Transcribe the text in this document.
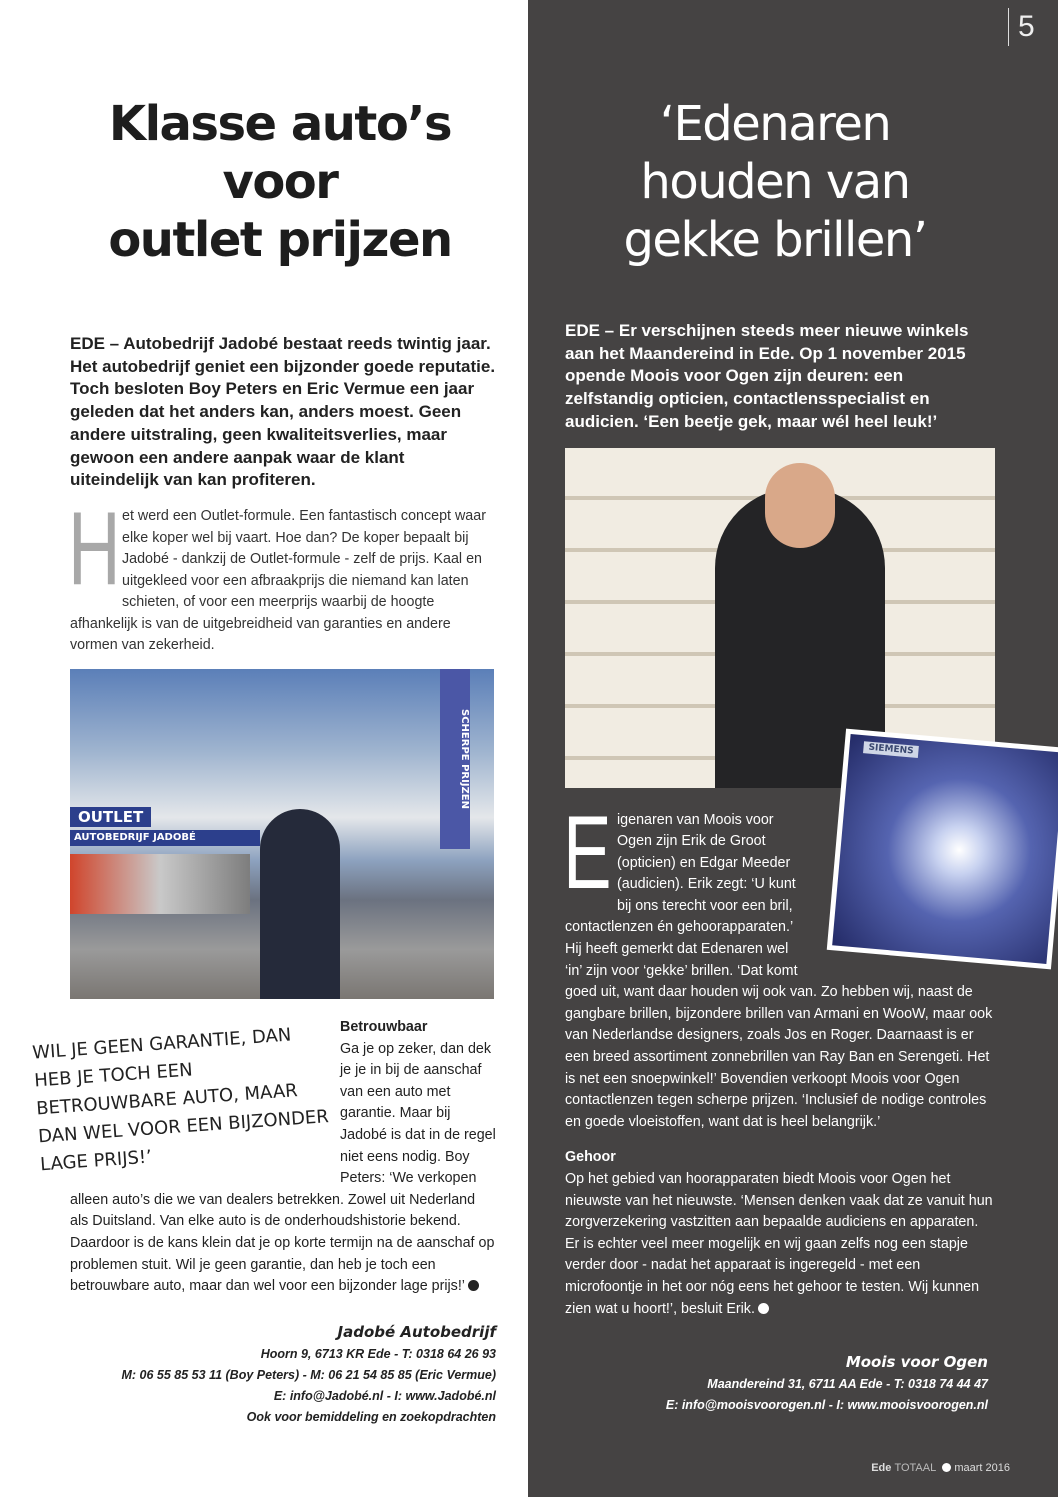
5
Klasse auto’s
voor
outlet prijzen
EDE – Autobedrijf Jadobé bestaat reeds twintig jaar. Het autobedrijf geniet een bijzonder goede reputatie. Toch besloten Boy Peters en Eric Vermue een jaar geleden dat het anders kan, anders moest. Geen andere uitstraling, geen kwaliteitsverlies, maar gewoon een andere aanpak waar de klant uiteindelijk van kan profiteren.
Het werd een Outlet-formule. Een fantastisch concept waar elke koper wel bij vaart. Hoe dan? De koper bepaalt bij Jadobé - dankzij de Outlet-formule - zelf de prijs. Kaal en uitgekleed voor een afbraakprijs die niemand kan laten schieten, of voor een meerprijs waarbij de hoogte afhankelijk is van de uitgebreidheid van garanties en andere vormen van zekerheid.
SCHERPE PRIJZEN
OUTLET
AUTOBEDRIJF JADOBÉ
WIL JE GEEN GARANTIE, DAN HEB JE TOCH EEN BETROUWBARE AUTO, MAAR DAN WEL VOOR EEN BIJZONDER LAGE PRIJS!’
Betrouwbaar
Ga je op zeker, dan dek je je in bij de aanschaf van een auto met garantie. Maar bij Jadobé is dat in de regel niet eens nodig. Boy Peters: ‘We verkopen alleen auto’s die we van dealers betrekken. Zowel uit Nederland als Duitsland. Van elke auto is de onderhoudshistorie bekend. Daardoor is de kans klein dat je op korte termijn na de aanschaf op problemen stuit. Wil je geen garantie, dan heb je toch een betrouwbare auto, maar dan wel voor een bijzonder lage prijs!’
Jadobé Autobedrijf
Hoorn 9, 6713 KR Ede - T: 0318 64 26 93
M: 06 55 85 53 11 (Boy Peters) - M: 06 21 54 85 85 (Eric Vermue)
E: info@Jadobé.nl - I: www.Jadobé.nl
Ook voor bemiddeling en zoekopdrachten
‘Edenaren
houden van
gekke brillen’
EDE – Er verschijnen steeds meer nieuwe winkels aan het Maandereind in Ede. Op 1 november 2015 opende Moois voor Ogen zijn deuren: een zelfstandig opticien, contactlensspecialist en audicien. ‘Een beetje gek, maar wél heel leuk!’
SIEMENS
Eigenaren van Moois voor Ogen zijn Erik de Groot (opticien) en Edgar Meeder (audicien). Erik zegt: ‘U kunt bij ons terecht voor een bril, contactlenzen én gehoorapparaten.’ Hij heeft gemerkt dat Edenaren wel ‘in’ zijn voor ‘gekke’ brillen. ‘Dat komt goed uit, want daar houden wij ook van. Zo hebben wij, naast de gangbare brillen, bijzondere brillen van Armani en WooW, maar ook van Nederlandse designers, zoals Jos en Roger. Daarnaast is er een breed assortiment zonnebrillen van Ray Ban en Serengeti. Het is net een snoepwinkel!’ Bovendien verkoopt Moois voor Ogen contactlenzen tegen scherpe prijzen. ‘Inclusief de nodige controles en goede vloeistoffen, want dat is heel belangrijk.’
Gehoor
Op het gebied van hoorapparaten biedt Moois voor Ogen het nieuwste van het nieuwste. ‘Mensen denken vaak dat ze vanuit hun zorgverzekering vastzitten aan bepaalde audiciens en apparaten. Er is echter veel meer mogelijk en wij gaan zelfs nog een stapje verder door - nadat het apparaat is ingeregeld - met een microfoontje in het oor nóg eens het gehoor te testen. Wij kunnen zien wat u hoort!’, besluit Erik.
Moois voor Ogen
Maandereind 31, 6711 AA Ede - T: 0318 74 44 47
E: info@mooisvoorogen.nl - I: www.mooisvoorogen.nl
Ede TOTAAL maart 2016
